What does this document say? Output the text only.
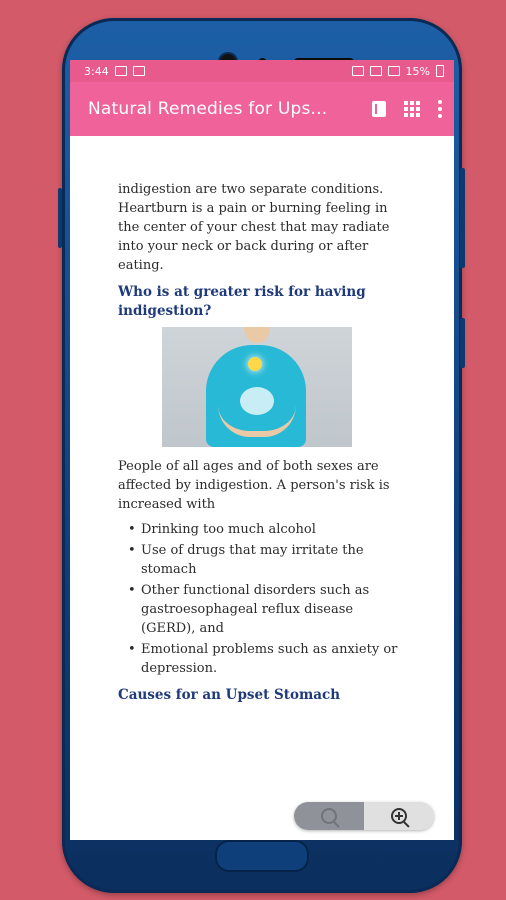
3:44	15%
Natural Remedies for Ups...

indigestion are two separate conditions. Heartburn is a pain or burning feeling in the center of your chest that may radiate into your neck or back during or after eating.

Who is at greater risk for having indigestion?

People of all ages and of both sexes are affected by indigestion. A person's risk is increased with

• Drinking too much alcohol
• Use of drugs that may irritate the stomach
• Other functional disorders such as gastroesophageal reflux disease (GERD), and
• Emotional problems such as anxiety or depression.
Causes for an Upset Stomach
